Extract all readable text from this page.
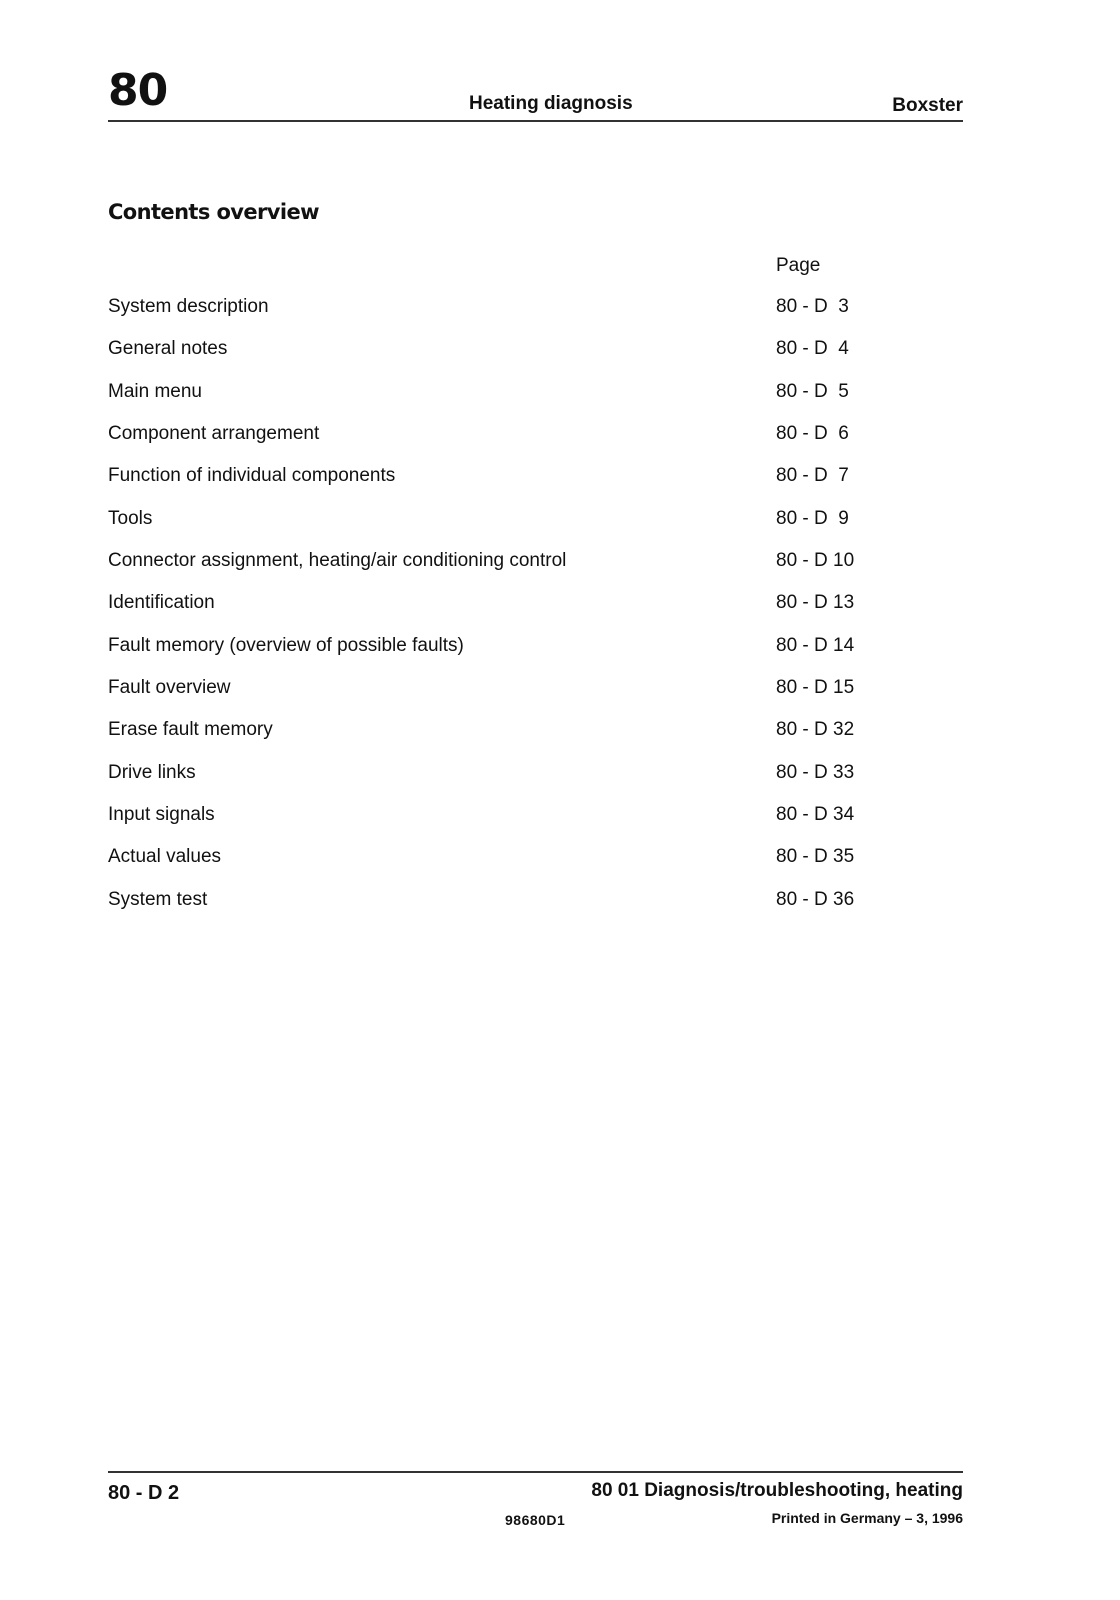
80	Heating diagnosis	Boxster
Contents overview
Page
System description	80 - D  3
General notes	80 - D  4
Main menu	80 - D  5
Component arrangement	80 - D  6
Function of individual components	80 - D  7
Tools	80 - D  9
Connector assignment, heating/air conditioning control	80 - D 10
Identification	80 - D 13
Fault memory (overview of possible faults)	80 - D 14
Fault overview	80 - D 15
Erase fault memory	80 - D 32
Drive links	80 - D 33
Input signals	80 - D 34
Actual values	80 - D 35
System test	80 - D 36
80 - D 2	80 01 Diagnosis/troubleshooting, heating
98680D1	Printed in Germany – 3, 1996
